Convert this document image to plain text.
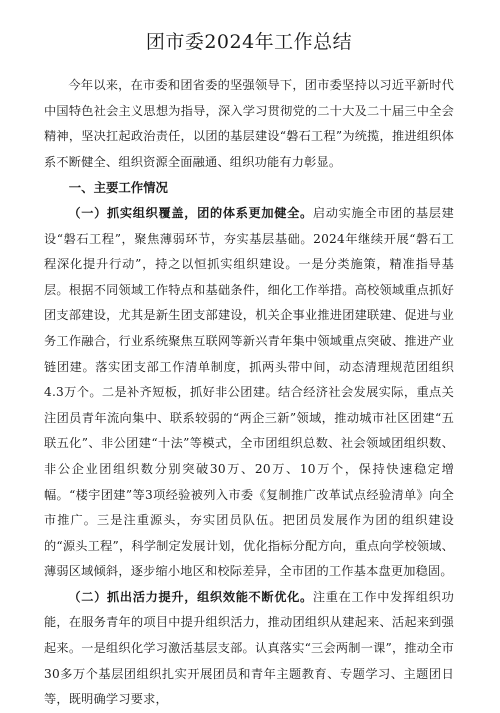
团市委2024年工作总结

今年以来，在市委和团省委的坚强领导下，团市委坚持以习近平新时代中国特色社会主义思想为指导，深入学习贯彻党的二十大及二十届三中全会精神，坚决扛起政治责任，以团的基层建设“磐石工程”为统揽，推进组织体系不断健全、组织资源全面融通、组织功能有力彰显。

一、主要工作情况

（一）抓实组织覆盖，团的体系更加健全。启动实施全市团的基层建设“磐石工程”，聚焦薄弱环节，夯实基层基础。2024年继续开展“磐石工程深化提升行动”，持之以恒抓实组织建设。一是分类施策，精准指导基层。根据不同领域工作特点和基础条件，细化工作举措。高校领域重点抓好团支部建设，尤其是新生团支部建设，机关企事业推进团建联建、促进与业务工作融合，行业系统聚焦互联网等新兴青年集中领域重点突破、推进产业链团建。落实团支部工作清单制度，抓两头带中间，动态清理规范团组织4.3万个。二是补齐短板，抓好非公团建。结合经济社会发展实际，重点关注团员青年流向集中、联系较弱的“两企三新”领域，推动城市社区团建“五联五化”、非公团建“十法”等模式，全市团组织总数、社会领域团组织数、非公企业团组织数分别突破30万、20万、10万个，保持快速稳定增幅。“楼宇团建”等3项经验被列入市委《复制推广改革试点经验清单》向全市推广。三是注重源头，夯实团员队伍。把团员发展作为团的组织建设的“源头工程”，科学制定发展计划，优化指标分配方向，重点向学校领域、薄弱区域倾斜，逐步缩小地区和校际差异，全市团的工作基本盘更加稳固。

（二）抓出活力提升，组织效能不断优化。注重在工作中发挥组织功能，在服务青年的项目中提升组织活力，推动团组织从建起来、活起来到强起来。一是组织化学习激活基层支部。认真落实“三会两制一课”，推动全市30多万个基层团组织扎实开展团员和青年主题教育、专题学习、主题团日等，既明确学习要求，
